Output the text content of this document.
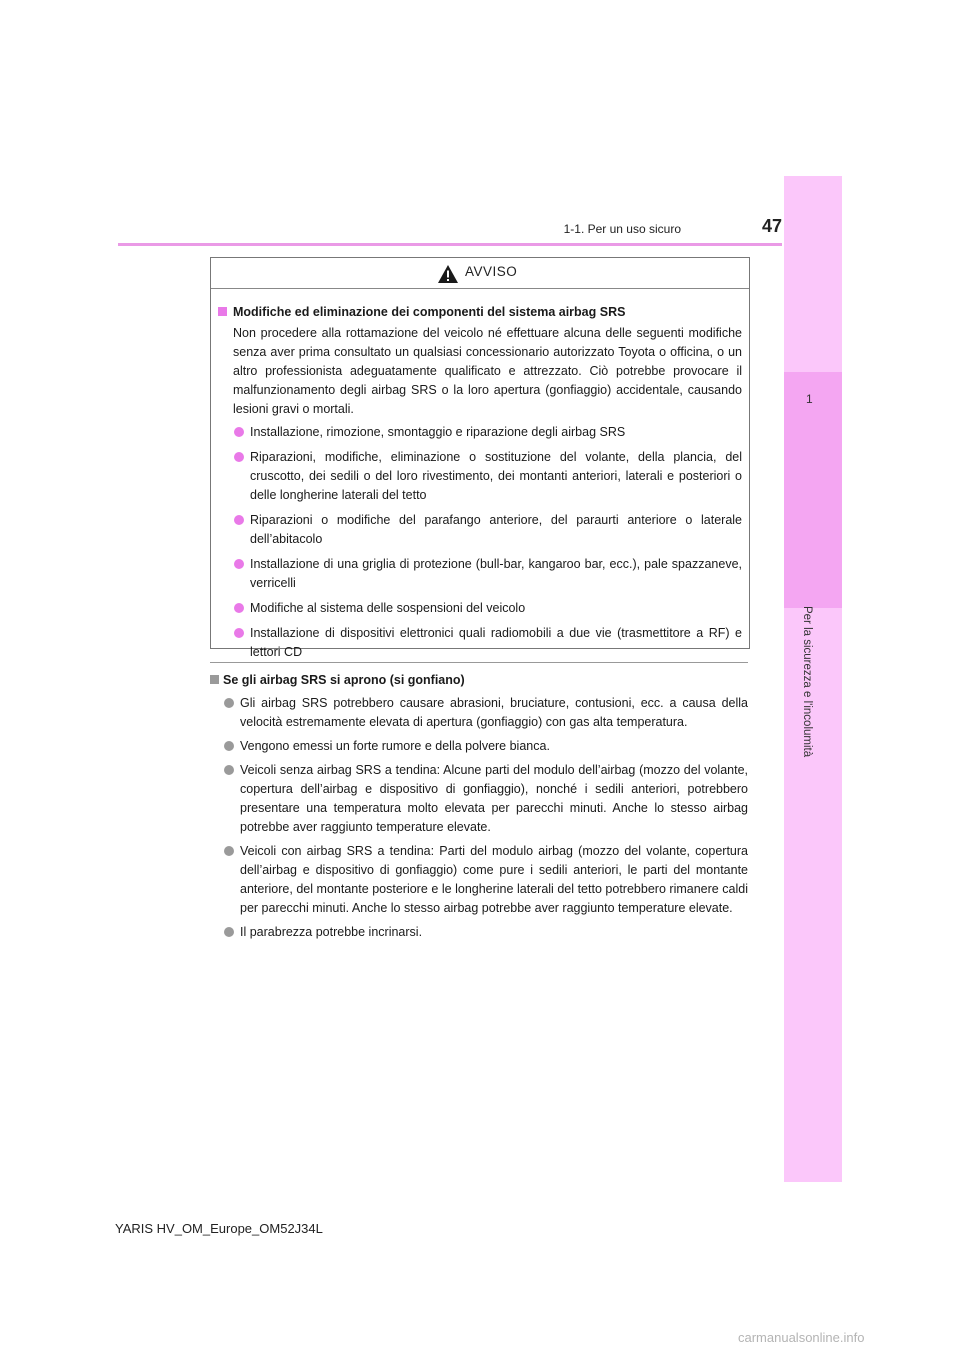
1-1. Per un uso sicuro	47
1
Per la sicurezza e l'incolumità
AVVISO
Modifiche ed eliminazione dei componenti del sistema airbag SRS

Non procedere alla rottamazione del veicolo né effettuare alcuna delle seguenti modifiche senza aver prima consultato un qualsiasi concessionario autorizzato Toyota o officina, o un altro professionista adeguatamente qualificato e attrezzato. Ciò potrebbe provocare il malfunzionamento degli airbag SRS o la loro apertura (gonfiaggio) accidentale, causando lesioni gravi o mortali.

Installazione, rimozione, smontaggio e riparazione degli airbag SRS
Riparazioni, modifiche, eliminazione o sostituzione del volante, della plancia, del cruscotto, dei sedili o del loro rivestimento, dei montanti anteriori, laterali e posteriori o delle longherine laterali del tetto
Riparazioni o modifiche del parafango anteriore, del paraurti anteriore o laterale dell’abitacolo
Installazione di una griglia di protezione (bull-bar, kangaroo bar, ecc.), pale spazzaneve, verricelli
Modifiche al sistema delle sospensioni del veicolo
Installazione di dispositivi elettronici quali radiomobili a due vie (trasmettitore a RF) e lettori CD
Se gli airbag SRS si aprono (si gonfiano)
Gli airbag SRS potrebbero causare abrasioni, bruciature, contusioni, ecc. a causa della velocità estremamente elevata di apertura (gonfiaggio) con gas alta temperatura.
Vengono emessi un forte rumore e della polvere bianca.
Veicoli senza airbag SRS a tendina: Alcune parti del modulo dell’airbag (mozzo del volante, copertura dell’airbag e dispositivo di gonfiaggio), nonché i sedili anteriori, potrebbero presentare una temperatura molto elevata per parecchi minuti. Anche lo stesso airbag potrebbe aver raggiunto temperature elevate.
Veicoli con airbag SRS a tendina: Parti del modulo airbag (mozzo del volante, copertura dell’airbag e dispositivo di gonfiaggio) come pure i sedili anteriori, le parti del montante anteriore, del montante posteriore e le longherine laterali del tetto potrebbero rimanere caldi per parecchi minuti. Anche lo stesso airbag potrebbe aver raggiunto temperature elevate.
Il parabrezza potrebbe incrinarsi.
YARIS HV_OM_Europe_OM52J34L
carmanualsonline.info
